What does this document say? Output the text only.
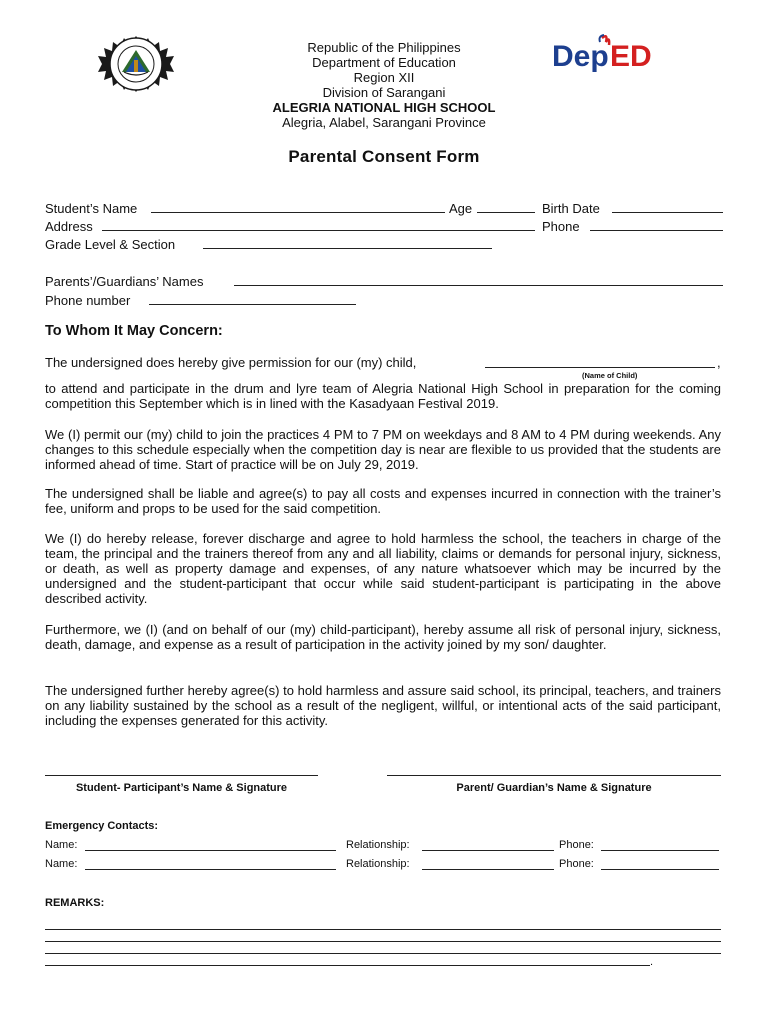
Republic of the Philippines
Department of Education
Region XII
Division of Sarangani
ALEGRIA NATIONAL HIGH SCHOOL
Alegria, Alabel, Sarangani Province
Dep ED
Parental Consent Form
Student’s Name	Age	Birth Date
Address	Phone
Grade Level & Section
Parents’/Guardians’ Names
Phone number
To Whom It May Concern:
The undersigned does hereby give permission for our (my) child,	,
(Name of Child)
to attend and participate in the drum and lyre team of Alegria National High School in preparation for the coming competition this September which is in lined with the Kasadyaan Festival 2019.
We (I) permit our (my) child to join the practices 4 PM to 7 PM on weekdays and 8 AM to 4 PM during weekends. Any changes to this schedule especially when the competition day is near are flexible to us provided that the students are informed ahead of time. Start of practice will be on July 29, 2019.
The undersigned shall be liable and agree(s) to pay all costs and expenses incurred in connection with the trainer’s fee, uniform and props to be used for the said competition.
We (I) do hereby release, forever discharge and agree to hold harmless the school, the teachers in charge of the team, the principal and the trainers thereof from any and all liability, claims or demands for personal injury, sickness, or death, as well as property damage and expenses, of any nature whatsoever which may be incurred by the undersigned and the student-participant that occur while said student-participant is participating in the above described activity.
Furthermore, we (I) (and on behalf of our (my) child-participant), hereby assume all risk of personal injury, sickness, death, damage, and expense as a result of participation in the activity joined by my son/ daughter.
The undersigned further hereby agree(s) to hold harmless and assure said school, its principal, teachers, and trainers on any liability sustained by the school as a result of the negligent, willful, or intentional acts of the said participant, including the expenses generated for this activity.
Student- Participant’s Name & Signature	Parent/ Guardian’s Name & Signature
Emergency Contacts:
Name:	Relationship:	Phone:
Name:	Relationship:	Phone:
REMARKS:
.
